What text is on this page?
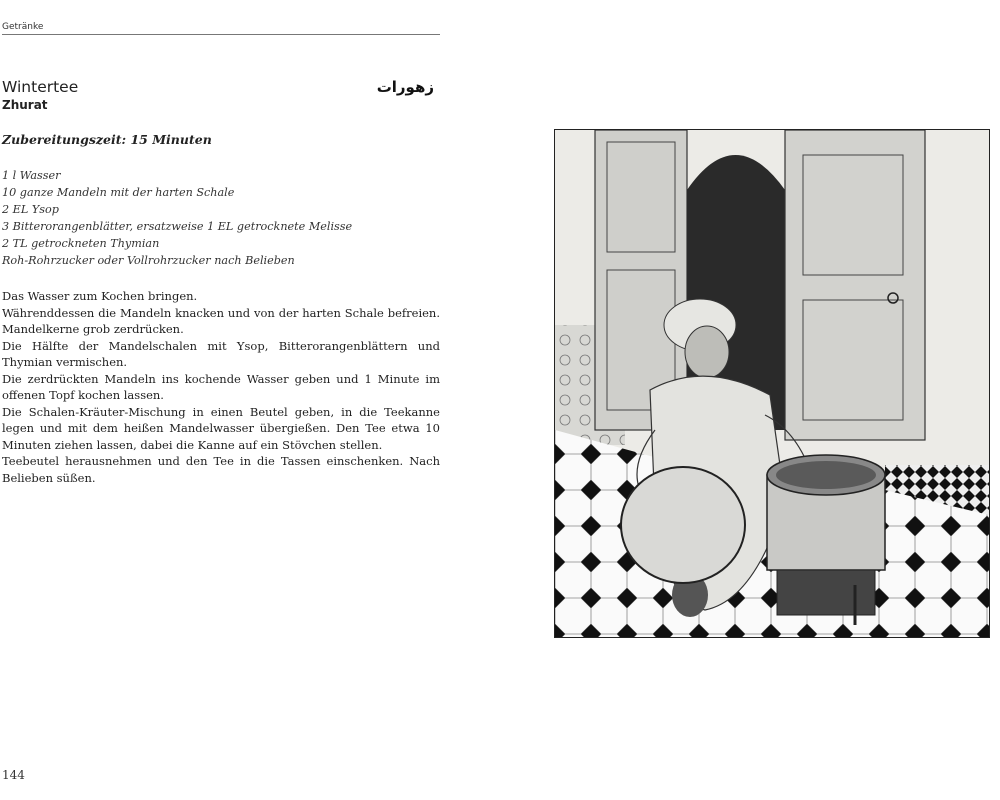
Getränke
Wintertee
Zhurat
زهورات
Zubereitungszeit: 15 Minuten
1 l Wasser
10 ganze Mandeln mit der harten Schale
2 EL Ysop
3 Bitterorangenblätter, ersatzweise 1 EL getrocknete Melisse
2 TL getrockneten Thymian
Roh-Rohrzucker oder Vollrohrzucker nach Belieben

Das Wasser zum Kochen bringen.

Währenddessen die Mandeln knacken und von der harten Schale befreien. Mandelkerne grob zerdrücken.

Die Hälfte der Mandelschalen mit Ysop, Bitterorangenblättern und Thymian vermischen.

Die zerdrückten Mandeln ins kochende Wasser geben und 1 Minute im offenen Topf kochen lassen.

Die Schalen-Kräuter-Mischung in einen Beutel geben, in die Teekanne legen und mit dem heißen Mandelwasser übergießen. Den Tee etwa 10 Minuten ziehen lassen, dabei die Kanne auf ein Stövchen stellen.

Teebeutel herausnehmen und den Tee in die Tassen einschenken. Nach Belieben süßen.

144
